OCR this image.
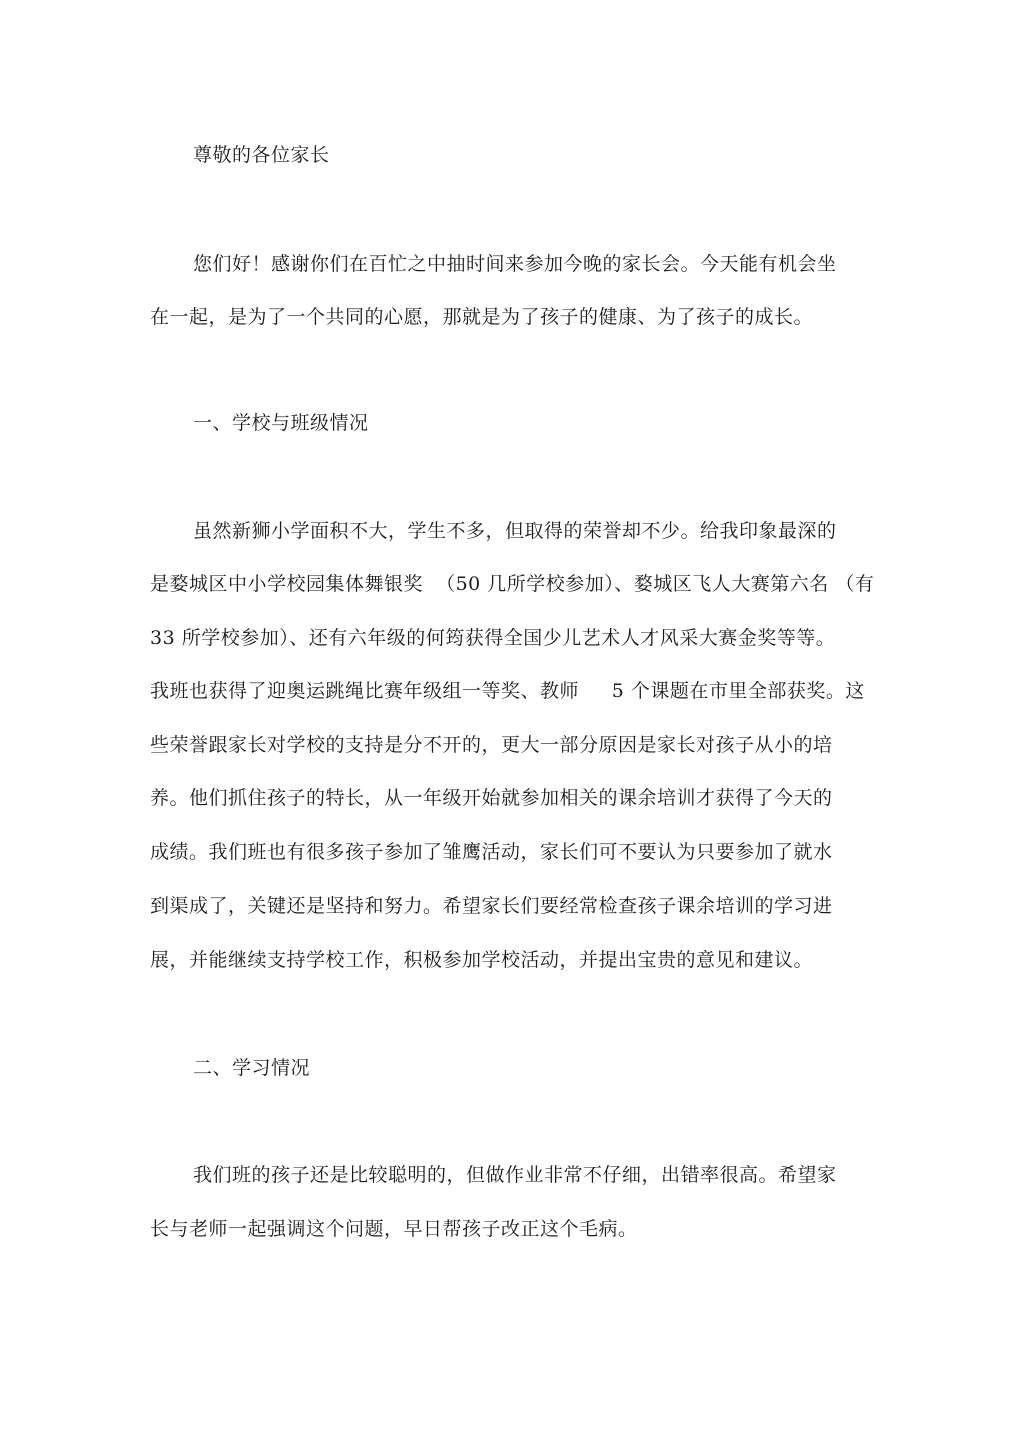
尊敬的各位家长
您们好！感谢你们在百忙之中抽时间来参加今晚的家长会。今天能有机会坐
在一起，是为了一个共同的心愿，那就是为了孩子的健康、为了孩子的成长。
一、学校与班级情况
虽然新狮小学面积不大，学生不多，但取得的荣誉却不少。给我印象最深的
是婺城区中小学校园集体舞银奖  （50 几所学校参加）、婺城区飞人大赛第六名 （有
33 所学校参加）、还有六年级的何筠获得全国少儿艺术人才风采大赛金奖等等。
我班也获得了迎奥运跳绳比赛年级组一等奖、教师     5 个课题在市里全部获奖。这
些荣誉跟家长对学校的支持是分不开的，更大一部分原因是家长对孩子从小的培
养。他们抓住孩子的特长，从一年级开始就参加相关的课余培训才获得了今天的
成绩。我们班也有很多孩子参加了雏鹰活动，家长们可不要认为只要参加了就水
到渠成了，关键还是坚持和努力。希望家长们要经常检查孩子课余培训的学习进
展，并能继续支持学校工作，积极参加学校活动，并提出宝贵的意见和建议。
二、学习情况
我们班的孩子还是比较聪明的，但做作业非常不仔细，出错率很高。希望家
长与老师一起强调这个问题，早日帮孩子改正这个毛病。
